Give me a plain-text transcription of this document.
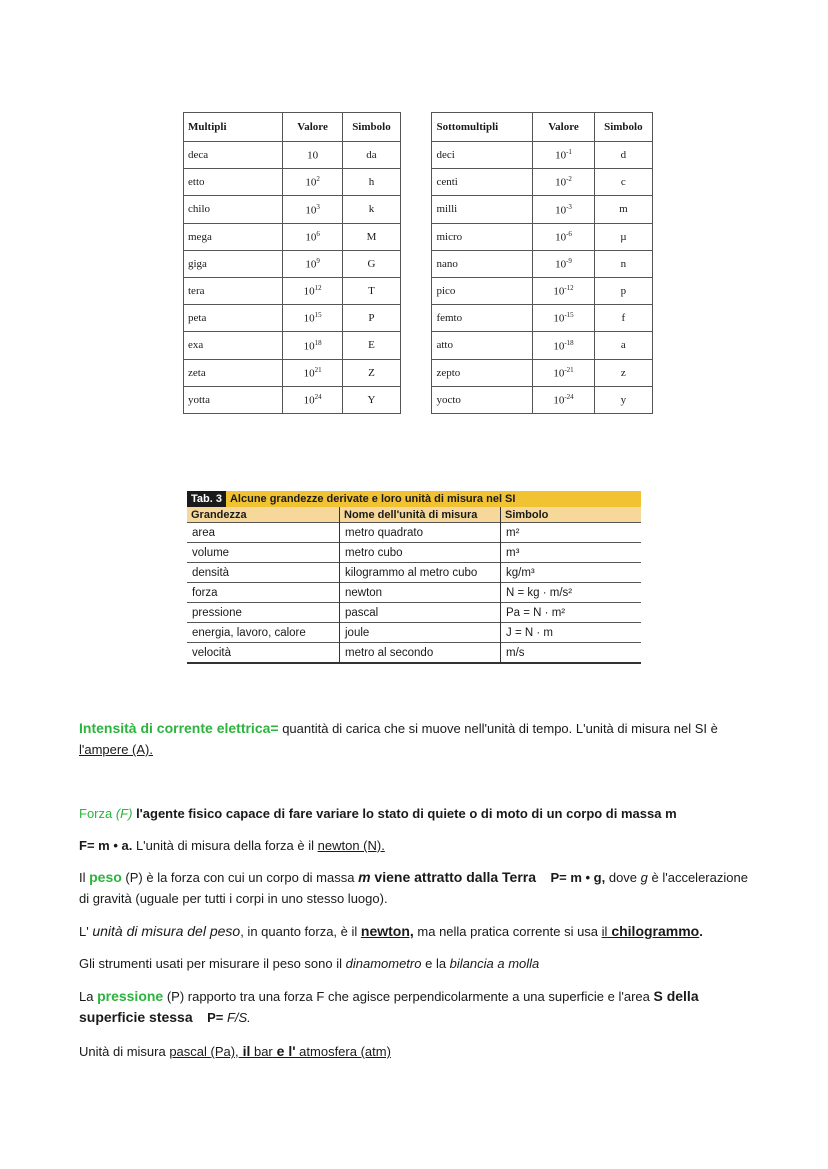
Multipli	Valore	Simbolo		Sottomultipli	Valore	Simbolo
deca	10	da		deci	$10^{-1}$	d
etto	$10^2$	h		centi	$10^{-2}$	c
chilo	$10^3$	k		milli	$10^{-3}$	m
mega	$10^6$	M		micro	$10^{-6}$	µ
giga	$10^9$	G		nano	$10^{-9}$	n
tera	$10^{12}$	T		pico	$10^{-12}$	p
peta	$10^{15}$	P		femto	$10^{-15}$	f
exa	$10^{18}$	E		atto	$10^{-18}$	a
zeta	$10^{21}$	Z		zepto	$10^{-21}$	z
yotta	$10^{24}$	Y		yocto	$10^{-24}$	y
Tab. 3 Alcune grandezze derivate e loro unità di misura nel SI
Grandezza	Nome dell'unità di misura	Simbolo
area	metro quadrato	m²
volume	metro cubo	m³
densità	kilogrammo al metro cubo	kg/m³
forza	newton	N = kg · m/s²
pressione	pascal	Pa = N · m²
energia, lavoro, calore	joule	J = N · m
velocità	metro al secondo	m/s
Intensità di corrente elettrica= quantità di carica che si muove nell'unità di tempo. L'unità di misura nel SI è l'ampere (A).
Forza (F) l'agente fisico capace di fare variare lo stato di quiete o di moto di un corpo di massa m
F= m • a. L'unità di misura della forza è il newton (N).
Il peso (P) è la forza con cui un corpo di massa m viene attratto dalla Terra P= m • g, dove g è l'accelerazione di gravità (uguale per tutti i corpi in uno stesso luogo).
L' unità di misura del peso, in quanto forza, è il newton, ma nella pratica corrente si usa il chilogrammo.
Gli strumenti usati per misurare il peso sono il dinamometro e la bilancia a molla
La pressione (P) rapporto tra una forza F che agisce perpendicolarmente a una superficie e l'area S della superficie stessa P= F/S.
Unità di misura pascal (Pa), il bar e l' atmosfera (atm)
